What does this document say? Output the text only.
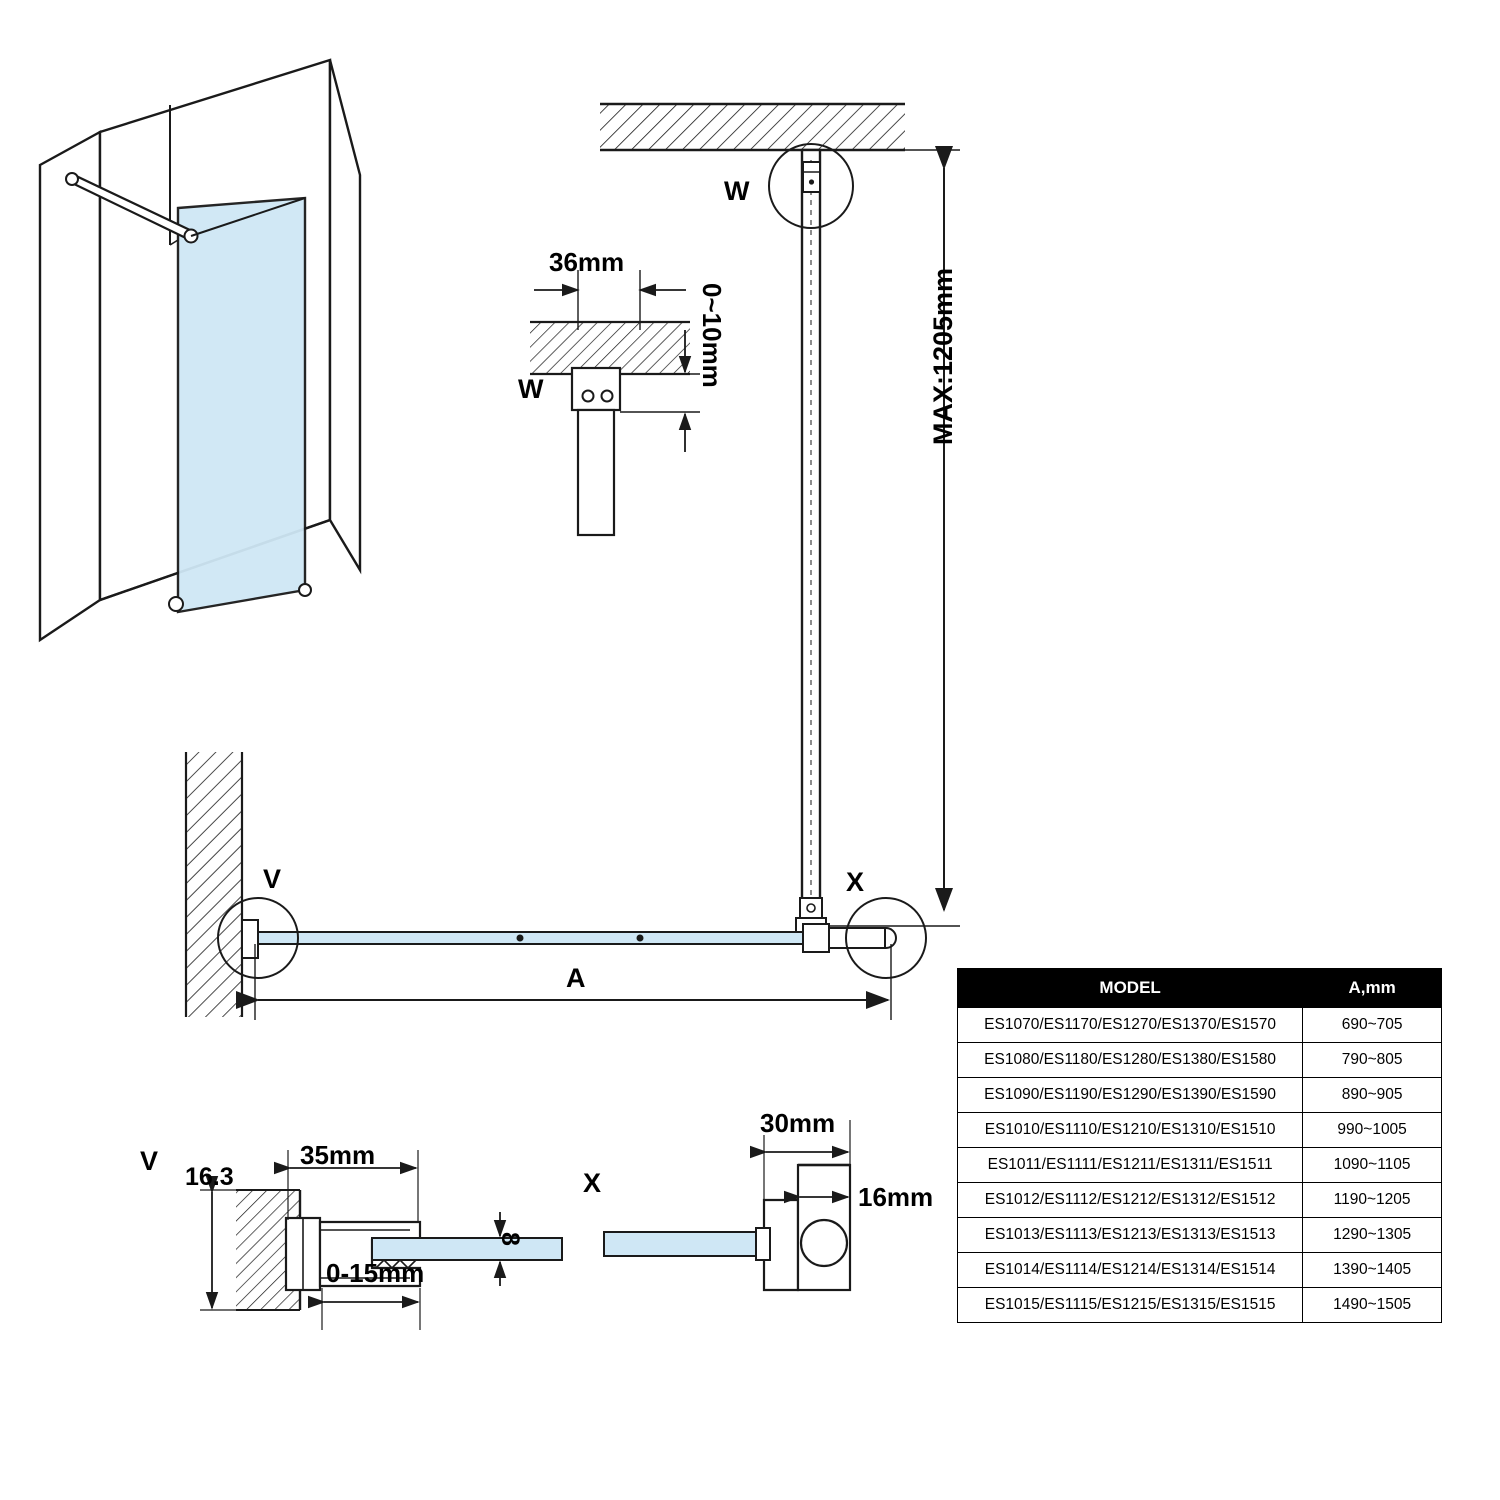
W
W
36mm
0~10mm	MAX:1205mm
X
V
A
V
16.3
35mm
8
0-15mm
X
30mm
16mm
MODEL	A,mm
ES1070/ES1170/ES1270/ES1370/ES1570	690~705
ES1080/ES1180/ES1280/ES1380/ES1580	790~805
ES1090/ES1190/ES1290/ES1390/ES1590	890~905
ES1010/ES1110/ES1210/ES1310/ES1510	990~1005
ES1011/ES1111/ES1211/ES1311/ES1511	1090~1105
ES1012/ES1112/ES1212/ES1312/ES1512	1190~1205
ES1013/ES1113/ES1213/ES1313/ES1513	1290~1305
ES1014/ES1114/ES1214/ES1314/ES1514	1390~1405
ES1015/ES1115/ES1215/ES1315/ES1515	1490~1505
